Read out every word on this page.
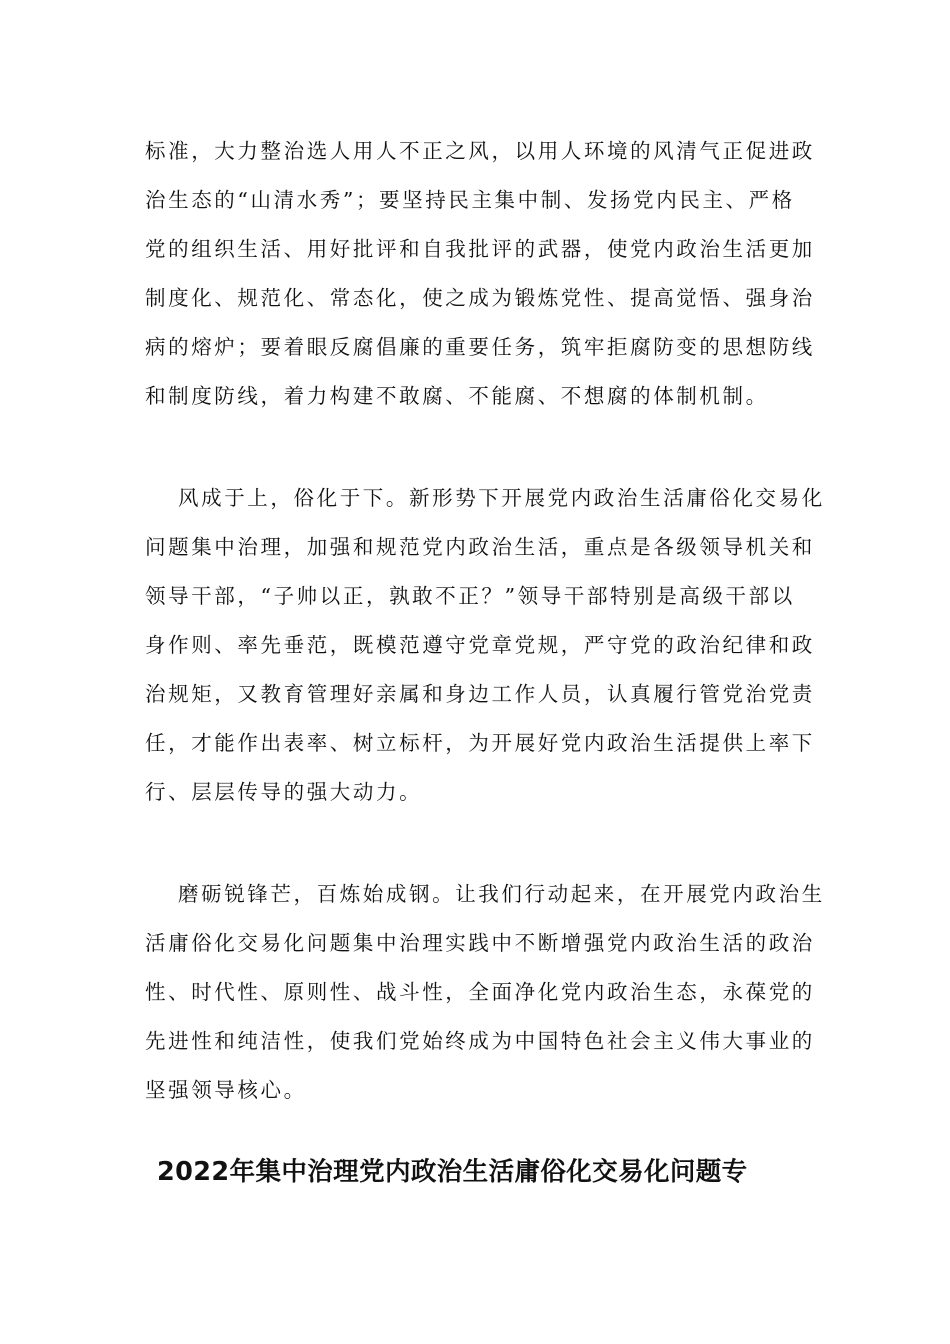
标准，大力整治选人用人不正之风，以用人环境的风清气正促进政
治生态的“山清水秀”；要坚持民主集中制、发扬党内民主、严格
党的组织生活、用好批评和自我批评的武器，使党内政治生活更加
制度化、规范化、常态化，使之成为锻炼党性、提高觉悟、强身治
病的熔炉；要着眼反腐倡廉的重要任务，筑牢拒腐防变的思想防线
和制度防线，着力构建不敢腐、不能腐、不想腐的体制机制。
风成于上，俗化于下。新形势下开展党内政治生活庸俗化交易化
问题集中治理，加强和规范党内政治生活，重点是各级领导机关和
领导干部，“子帅以正，孰敢不正？”领导干部特别是高级干部以
身作则、率先垂范，既模范遵守党章党规，严守党的政治纪律和政
治规矩，又教育管理好亲属和身边工作人员，认真履行管党治党责
任，才能作出表率、树立标杆，为开展好党内政治生活提供上率下
行、层层传导的强大动力。
磨砺锐锋芒，百炼始成钢。让我们行动起来，在开展党内政治生
活庸俗化交易化问题集中治理实践中不断增强党内政治生活的政治
性、时代性、原则性、战斗性，全面净化党内政治生态，永葆党的
先进性和纯洁性，使我们党始终成为中国特色社会主义伟大事业的
坚强领导核心。
2022年集中治理党内政治生活庸俗化交易化问题专
